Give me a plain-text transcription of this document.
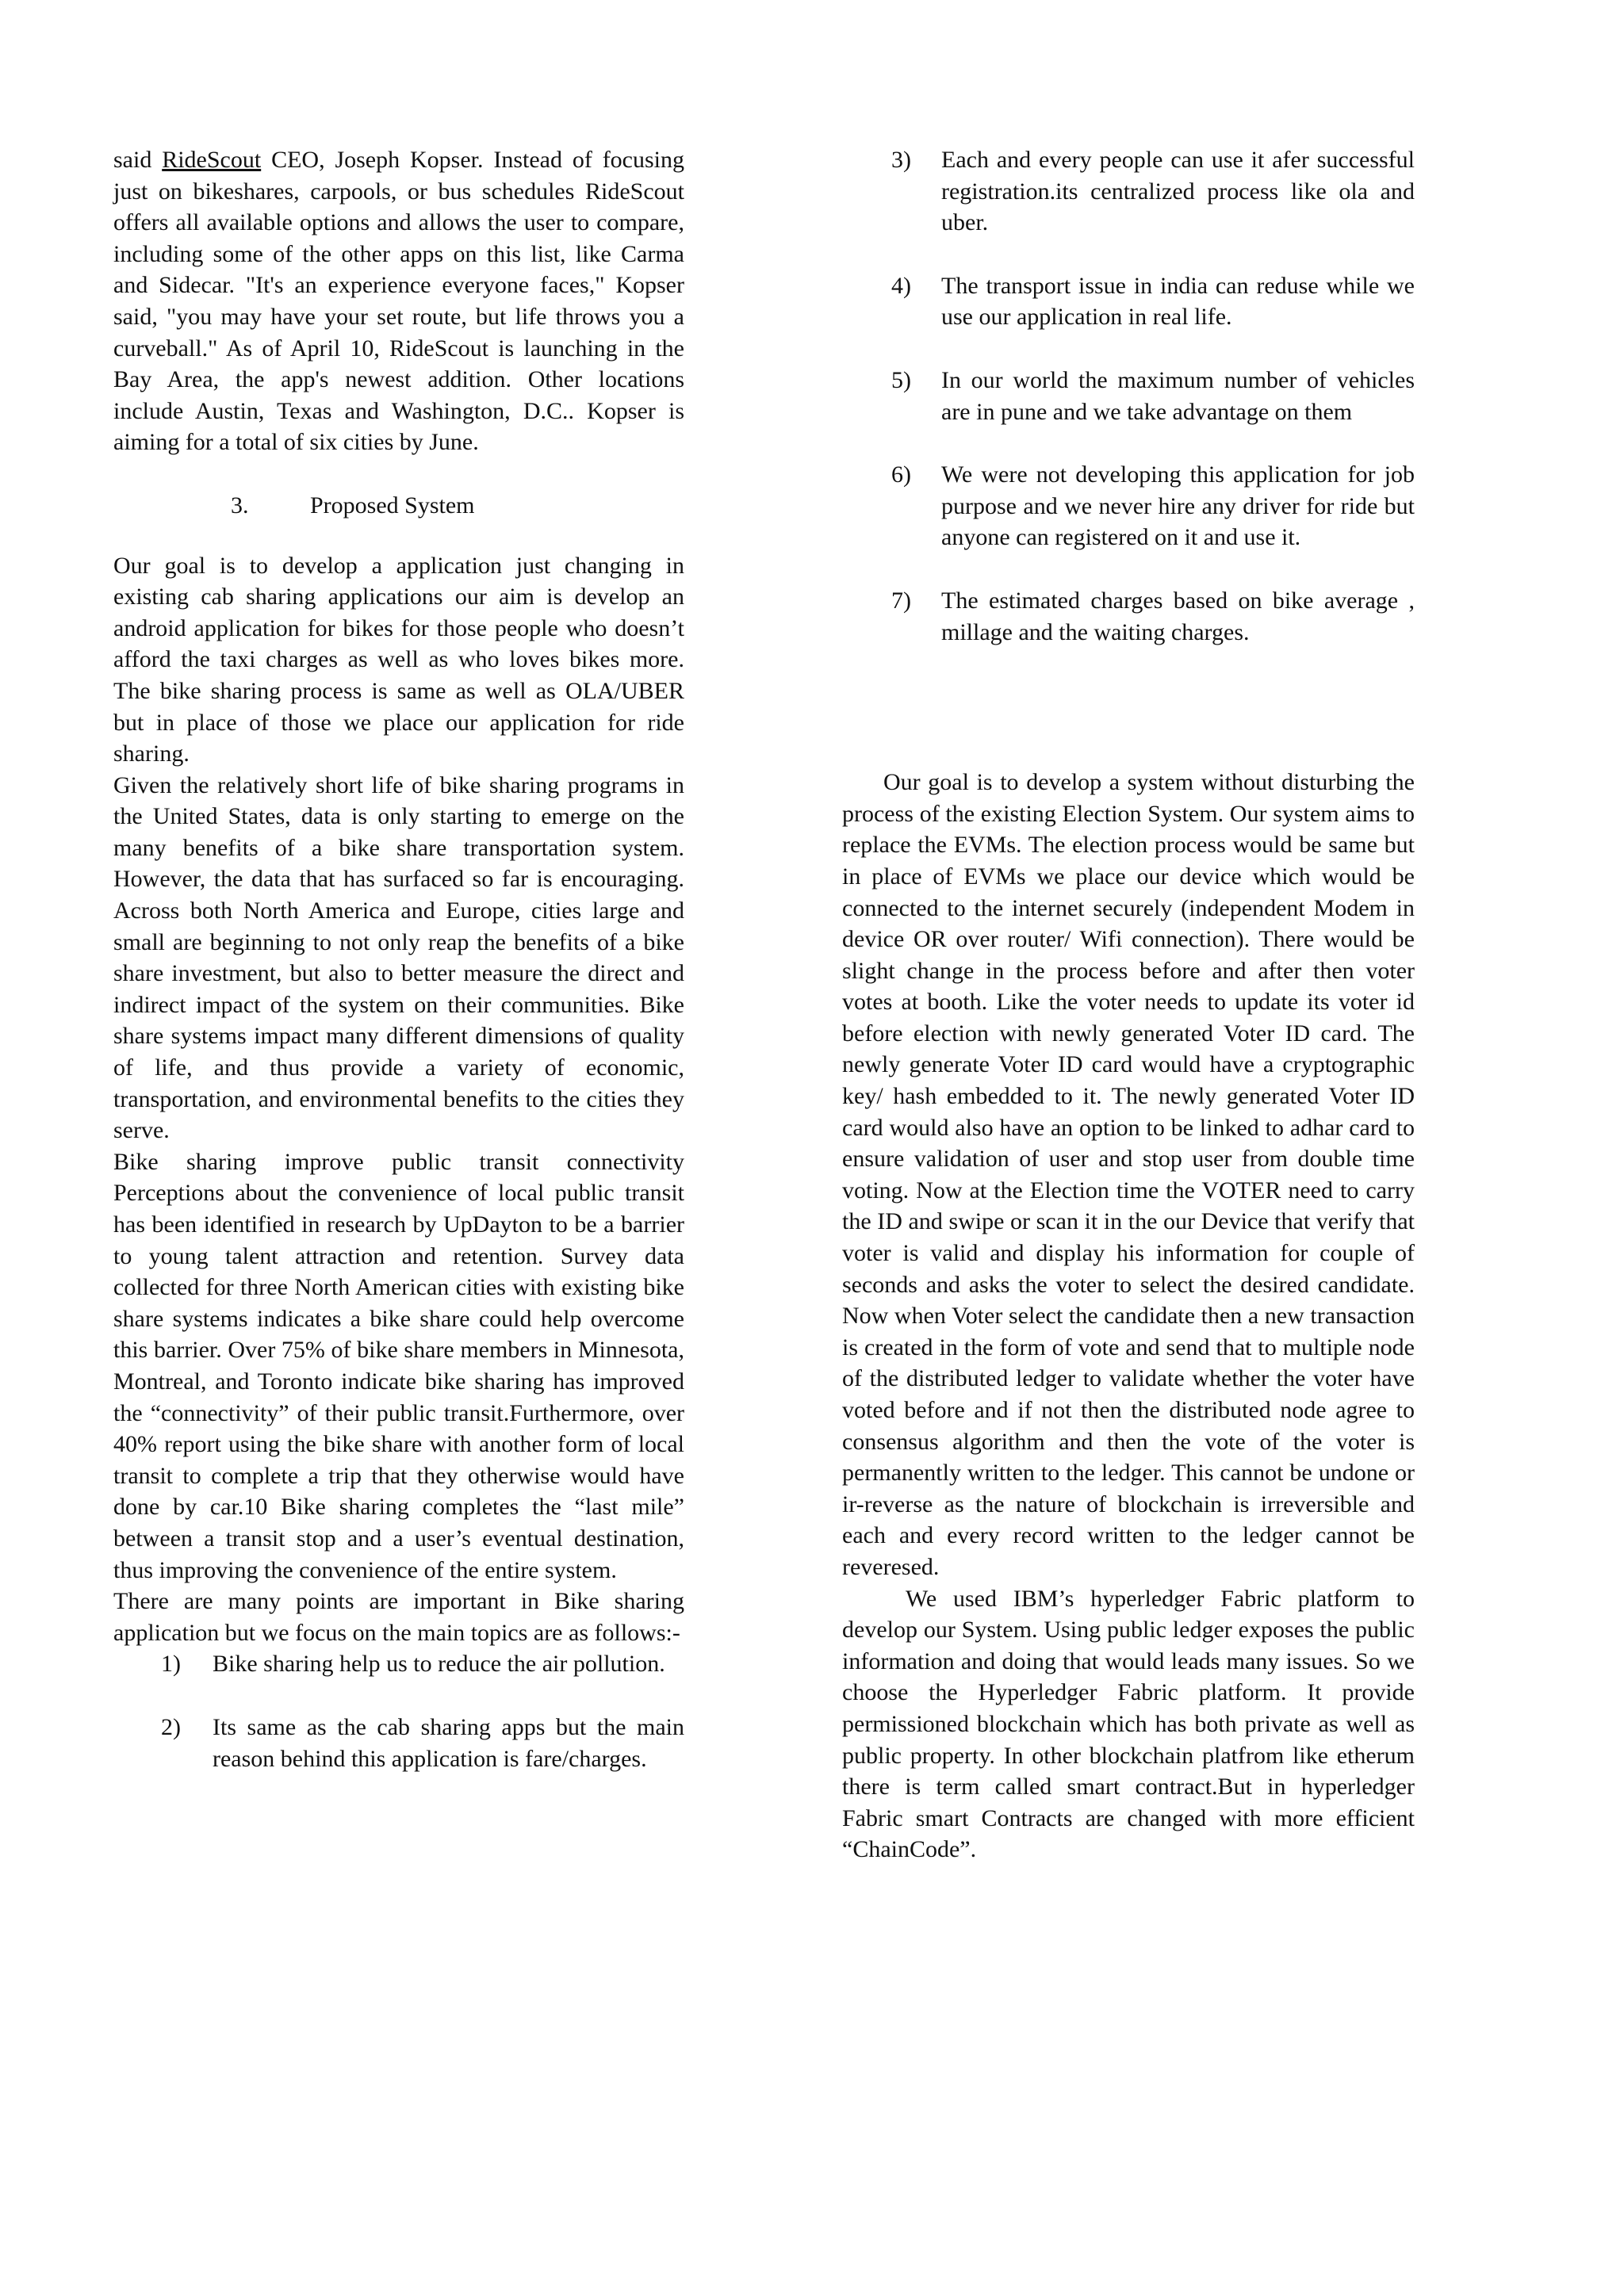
said RideScout CEO, Joseph Kopser. Instead of focusing just on bikeshares, carpools, or bus schedules RideScout offers all available options and allows the user to compare, including some of the other apps on this list, like Carma and Sidecar. "It's an experience everyone faces," Kopser said, "you may have your set route, but life throws you a curveball." As of April 10, RideScout is launching in the Bay Area, the app's newest addition. Other locations include Austin, Texas and Washington, D.C.. Kopser is aiming for a total of six cities by June.

3.	Proposed System

Our goal is to develop a application just changing in existing cab sharing applications our aim is develop an android application for bikes for those people who doesn’t afford the taxi charges as well as who loves bikes more. The bike sharing process is same as well as OLA/UBER but in place of those we place our application for ride sharing.

Given the relatively short life of bike sharing programs in the United States, data is only starting to emerge on the many benefits of a bike share transportation system. However, the data that has surfaced so far is encouraging. Across both North America and Europe, cities large and small are beginning to not only reap the benefits of a bike share investment, but also to better measure the direct and indirect impact of the system on their communities. Bike share systems impact many different dimensions of quality of life, and thus provide a variety of economic, transportation, and environmental benefits to the cities they serve.

Bike sharing improve public transit connectivity Perceptions about the convenience of local public transit has been identified in research by UpDayton to be a barrier to young talent attraction and retention. Survey data collected for three North American cities with existing bike share systems indicates a bike share could help overcome this barrier. Over 75% of bike share members in Minnesota, Montreal, and Toronto indicate bike sharing has improved the “connectivity” of their public transit.Furthermore, over 40% report using the bike share with another form of local transit to complete a trip that they otherwise would have done by car.10 Bike sharing completes the “last mile” between a transit stop and a user’s eventual destination, thus improving the convenience of the entire system.

There are many points are important in Bike sharing application but we focus on the main topics are as follows:-

1) Bike sharing help us to reduce the air pollution.
2) Its same as the cab sharing apps but the main reason behind this application is fare/charges.
3) Each and every people can use it afer successful registration.its centralized process like ola and uber.
4) The transport issue in india can reduse while we use our application in real life.
5) In our world the maximum number of vehicles are in pune and we take advantage on them
6) We were not developing this application for job purpose and we never hire any driver for ride but anyone can registered on it and use it.
7) The estimated charges based on bike average , millage and the waiting charges.

Our goal is to develop a system without disturbing the process of the existing Election System. Our system aims to replace the EVMs. The election process would be same but in place of EVMs we place our device which would be connected to the internet securely (independent Modem in device OR over router/ Wifi connection). There would be slight change in the process before and after then voter votes at booth. Like the voter needs to update its voter id before election with newly generated Voter ID card. The newly generate Voter ID card would have a cryptographic key/ hash embedded to it. The newly generated Voter ID card would also have an option to be linked to adhar card to ensure validation of user and stop user from double time voting. Now at the Election time the VOTER need to carry the ID and swipe or scan it in the our Device that verify that voter is valid and display his information for couple of seconds and asks the voter to select the desired candidate. Now when Voter select the candidate then a new transaction is created in the form of vote and send that to multiple node of the distributed ledger to validate whether the voter have voted before and if not then the distributed node agree to consensus algorithm and then the vote of the voter is permanently written to the ledger. This cannot be undone or ir-reverse as the nature of blockchain is irreversible and each and every record written to the ledger cannot be reveresed.

We used IBM’s hyperledger Fabric platform to develop our System. Using public ledger exposes the public information and doing that would leads many issues. So we choose the Hyperledger Fabric platform. It provide permissioned blockchain which has both private as well as public property. In other blockchain platfrom like etherum there is term called smart contract.But in hyperledger Fabric smart Contracts are changed with more efficient “ChainCode”.
